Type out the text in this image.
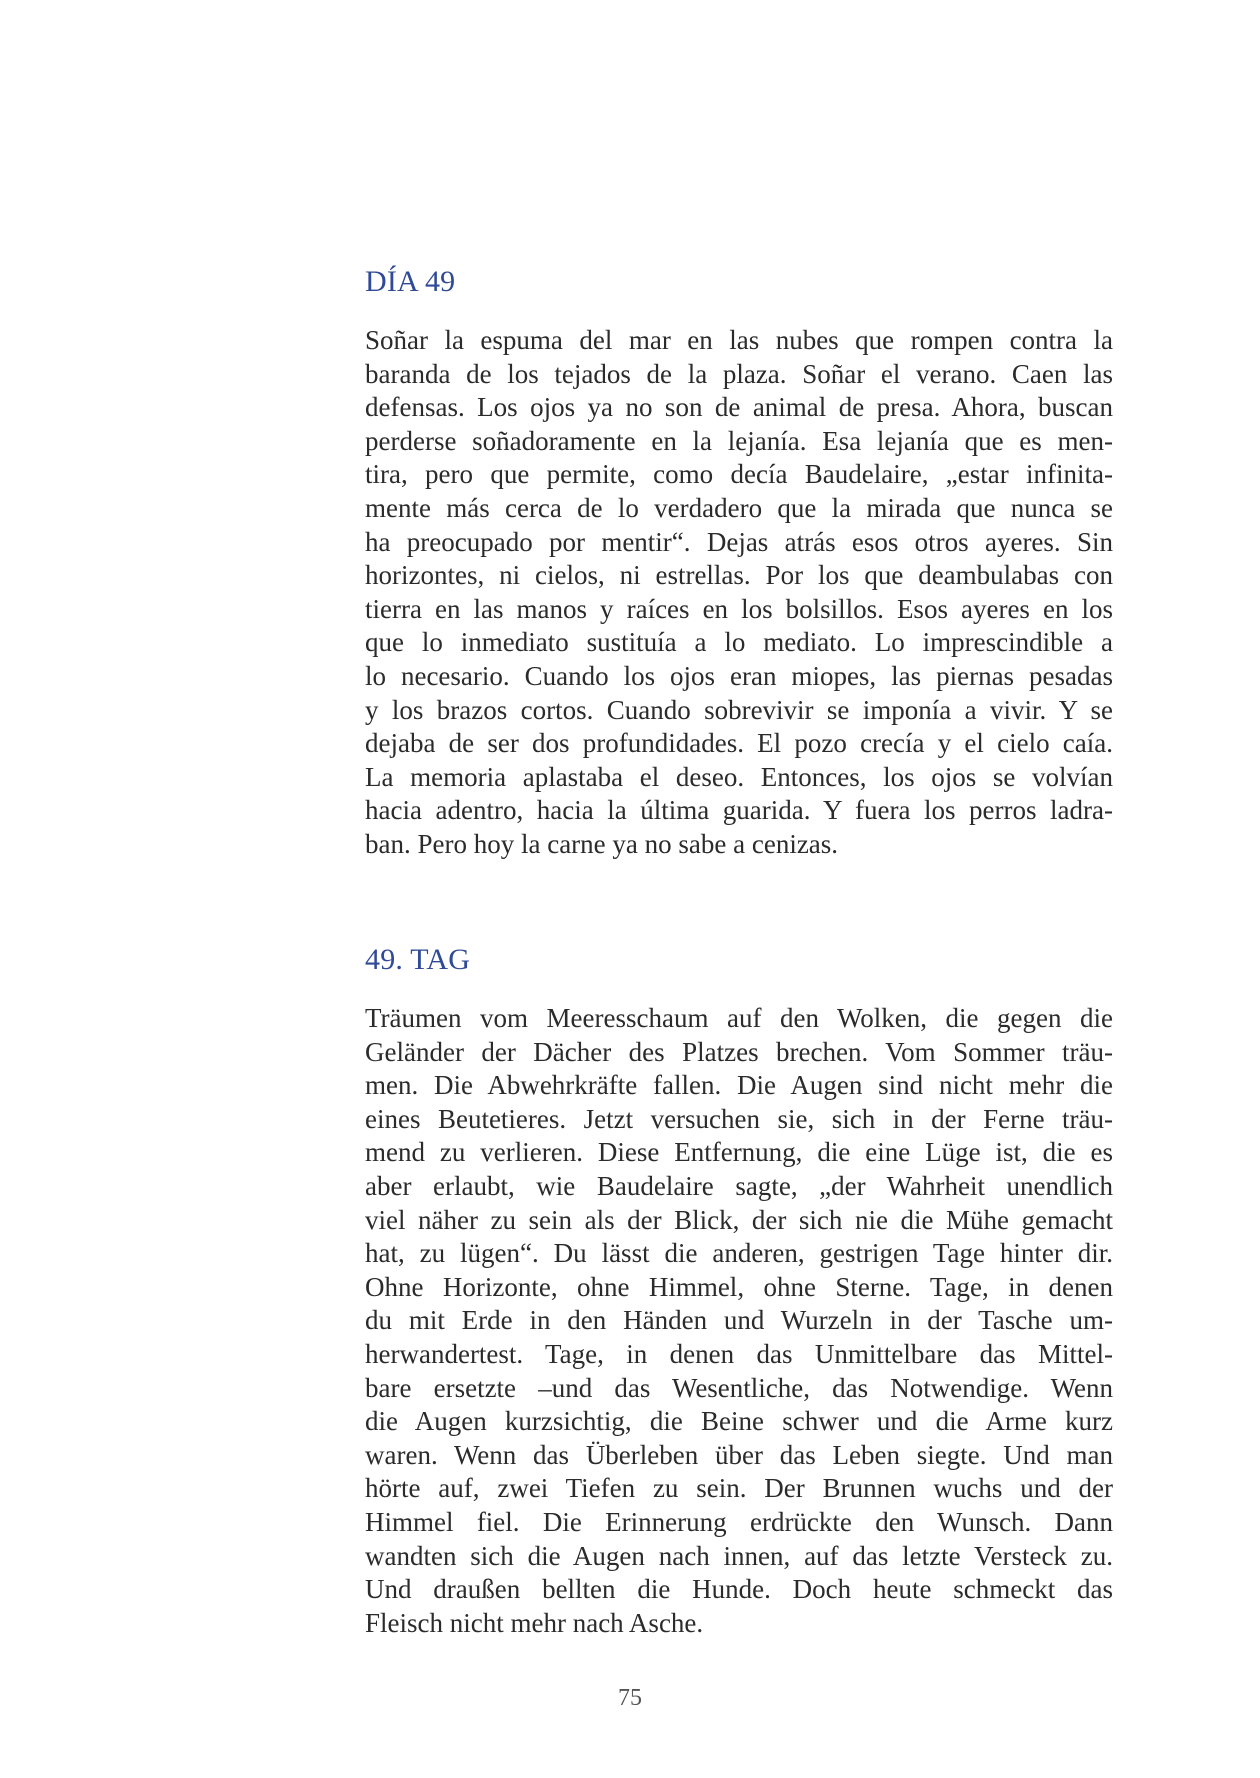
DÍA 49
Soñar la espuma del mar en las nubes que rompen contra la
baranda de los tejados de la plaza. Soñar el verano. Caen las
defensas. Los ojos ya no son de animal de presa. Ahora, buscan
perderse soñadoramente en la lejanía. Esa lejanía que es men-
tira, pero que permite, como decía Baudelaire, „estar infinita-
mente más cerca de lo verdadero que la mirada que nunca se
ha preocupado por mentir“. Dejas atrás esos otros ayeres. Sin
horizontes, ni cielos, ni estrellas. Por los que deambulabas con
tierra en las manos y raíces en los bolsillos. Esos ayeres en los
que lo inmediato sustituía a lo mediato. Lo imprescindible a
lo necesario. Cuando los ojos eran miopes, las piernas pesadas
y los brazos cortos. Cuando sobrevivir se imponía a vivir. Y se
dejaba de ser dos profundidades. El pozo crecía y el cielo caía.
La memoria aplastaba el deseo. Entonces, los ojos se volvían
hacia adentro, hacia la última guarida. Y fuera los perros ladra-
ban. Pero hoy la carne ya no sabe a cenizas.
49. TAG
Träumen vom Meeresschaum auf den Wolken, die gegen die
Geländer der Dächer des Platzes brechen. Vom Sommer träu-
men. Die Abwehrkräfte fallen. Die Augen sind nicht mehr die
eines Beutetieres. Jetzt versuchen sie, sich in der Ferne träu-
mend zu verlieren. Diese Entfernung, die eine Lüge ist, die es
aber erlaubt, wie Baudelaire sagte, „der Wahrheit unendlich
viel näher zu sein als der Blick, der sich nie die Mühe gemacht
hat, zu lügen“. Du lässt die anderen, gestrigen Tage hinter dir.
Ohne Horizonte, ohne Himmel, ohne Sterne. Tage, in denen
du mit Erde in den Händen und Wurzeln in der Tasche um-
herwandertest. Tage, in denen das Unmittelbare das Mittel-
bare ersetzte –und das Wesentliche, das Notwendige. Wenn
die Augen kurzsichtig, die Beine schwer und die Arme kurz
waren. Wenn das Überleben über das Leben siegte. Und man
hörte auf, zwei Tiefen zu sein. Der Brunnen wuchs und der
Himmel fiel. Die Erinnerung erdrückte den Wunsch. Dann
wandten sich die Augen nach innen, auf das letzte Versteck zu.
Und draußen bellten die Hunde. Doch heute schmeckt das
Fleisch nicht mehr nach Asche.
75
